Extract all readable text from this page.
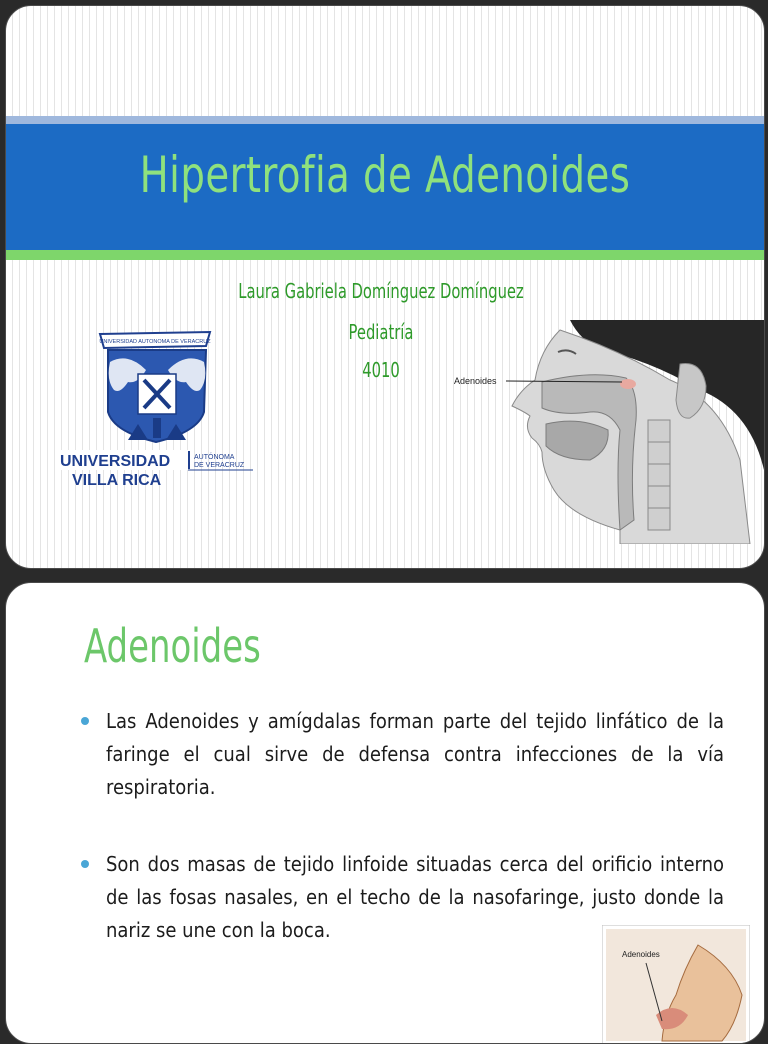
Hipertrofia de Adenoides
Laura Gabriela Domínguez Domínguez
Pediatría
4010
UNIVERSIDAD AUTONOMA DE VERACRUZ
UNIVERSIDAD	AUTÓNOMA
DE VERACRUZ
VILLA RICA
Adenoides
Adenoides
Las Adenoides y amígdalas forman parte del tejido linfático de la faringe el cual sirve de defensa contra infecciones de la vía respiratoria.
Son dos masas de tejido linfoide situadas cerca del orificio interno de las fosas nasales, en el techo de la nasofaringe, justo donde la nariz se une con la boca.
Adenoides
